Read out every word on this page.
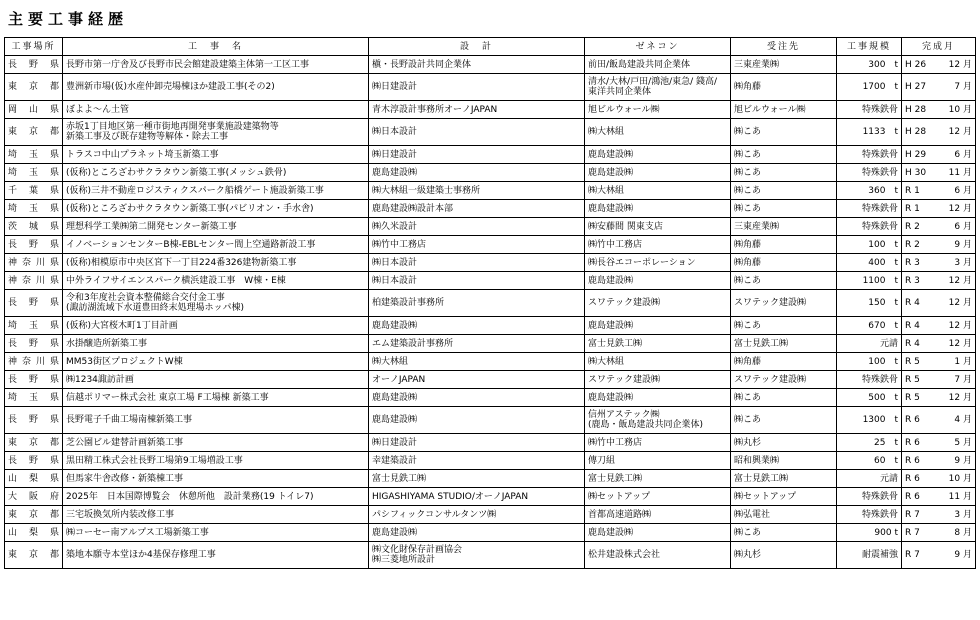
主要工事経歴
工事場所	工　事　名	設　計	ゼネコン	受注先	工事規模	完成月
長野県	長野市第一庁舎及び長野市民会館建設建築主体第一工区工事	槇・長野設計共同企業体	前田/飯島建設共同企業体	三東産業㈱	300　t	H 26 12 月

東京都	豊洲新市場(仮)水産仲卸売場棟ほか建設工事(その2)	㈱日建設計	清水/大林/戸田/鴻池/東急/ 錢高/
東洋共同企業体	㈱角藤	1700　t	H 27 7 月

岡山県	ぼよよ～ん土管	青木淳設計事務所オーノJAPAN	旭ビルウォール㈱	旭ビルウォール㈱	特殊鉄骨	H 28 10 月

東京都	赤坂1丁目地区第一種市街地再開発事業施設建築物等
新築工事及び既存建物等解体・除去工事	㈱日本設計	㈱大林組	㈱こあ	1133　t	H 28 12 月

埼玉県	トラスコ中山プラネット埼玉新築工事	㈱日建設計	鹿島建設㈱	㈱こあ	特殊鉄骨	H 29 6 月

埼玉県	(仮称)ところざわサクラタウン新築工事(メッシュ鉄骨)	鹿島建設㈱	鹿島建設㈱	㈱こあ	特殊鉄骨	H 30 11 月

千葉県	(仮称)三井不動産ロジスティクスパーク船橋ゲート施設新築工事	㈱大林組一級建築士事務所	㈱大林組	㈱こあ	360　t	R 1 6 月

埼玉県	(仮称)ところざわサクラタウン新築工事(パビリオン・手水舎)	鹿島建設㈱設計本部	鹿島建設㈱	㈱こあ	特殊鉄骨	R 1 12 月

茨城県	理想科学工業㈱第二開発センター新築工事	㈱久米設計	㈱安藤間 関東支店	三東産業㈱	特殊鉄骨	R 2 6 月

長野県	イノベーションセンターB棟-EBLセンター間上空通路新設工事	㈱竹中工務店	㈱竹中工務店	㈱角藤	100　t	R 2 9 月

神奈川県	(仮称)相模原市中央区宮下一丁目224番326建物新築工事	㈱日本設計	㈱長谷エコーポレーション	㈱角藤	400　t	R 3 3 月

神奈川県	中外ライフサイエンスパーク横浜建設工事　W棟・E棟	㈱日本設計	鹿島建設㈱	㈱こあ	1100　t	R 3 12 月

長野県	令和3年度社会資本整備総合交付金工事
(諏訪湖流域下水道豊田終末処理場ホッパ棟)	柏建築設計事務所	スワテック建設㈱	スワテック建設㈱	150　t	R 4 12 月

埼玉県	(仮称)大宮桜木町1丁目計画	鹿島建設㈱	鹿島建設㈱	㈱こあ	670　t	R 4 12 月

長野県	水掛醸造所新築工事	エム建築設計事務所	富士見鉄工㈱	富士見鉄工㈱	元請	R 4 12 月

神奈川県	MM53街区プロジェクトW棟	㈱大林組	㈱大林組	㈱角藤	100　t	R 5 1 月

長野県	㈱1234諏訪計画	オーノJAPAN	スワテック建設㈱	スワテック建設㈱	特殊鉄骨	R 5 7 月

埼玉県	信越ポリマー株式会社 東京工場 F工場棟 新築工事	鹿島建設㈱	鹿島建設㈱	㈱こあ	500　t	R 5 12 月

長野県	長野電子千曲工場南棟新築工事	鹿島建設㈱	信州アステック㈱
(鹿島・飯島建設共同企業体)	㈱こあ	1300　t	R 6 4 月

東京都	芝公園ビル建替計画新築工事	㈱日建設計	㈱竹中工務店	㈱丸杉	25　t	R 6 5 月

長野県	黒田精工株式会社長野工場第9工場増設工事	幸建築設計	傳刀組	昭和興業㈱	60　t	R 6 9 月

山梨県	但馬家牛舎改修・新築棟工事	富士見鉄工㈱	富士見鉄工㈱	富士見鉄工㈱	元請	R 6 10 月

大阪府	2025年　日本国際博覧会　休憩所他　設計業務(19 トイレ7)	HIGASHIYAMA STUDIO/オーノJAPAN	㈱セットアップ	㈱セットアップ	特殊鉄骨	R 6 11 月

東京都	三宅坂換気所内装改修工事	パシフィックコンサルタンツ㈱	首都高速道路㈱	㈱弘電社	特殊鉄骨	R 7 3 月

山梨県	㈱コーセー南アルプス工場新築工事	鹿島建設㈱	鹿島建設㈱	㈱こあ	900 t	R 7 8 月

東京都	築地本願寺本堂ほか4基保存修理工事	㈱文化財保存計画協会
㈱三菱地所設計	松井建設株式会社	㈱丸杉	耐震補強	R 7 9 月
